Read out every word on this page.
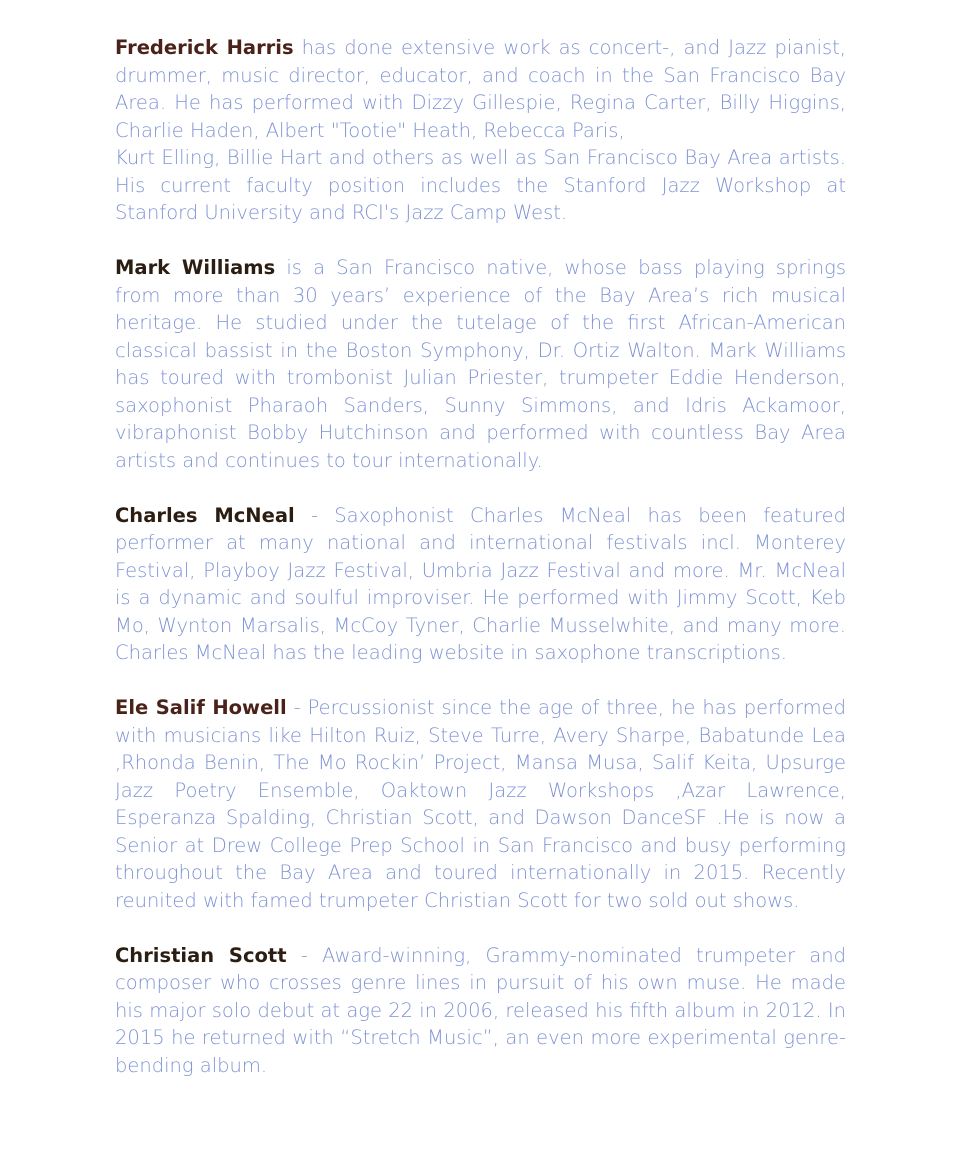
Frederick Harris has done extensive work as concert-, and Jazz pianist, drummer, music director, educator, and coach in the San Francisco Bay Area. He has performed with Dizzy Gillespie, Regina Carter, Billy Higgins, Charlie Haden, Albert "Tootie" Heath, Rebecca Paris,
Kurt Elling, Billie Hart and others as well as San Francisco Bay Area artists. His current faculty position includes the Stanford Jazz Workshop at Stanford University and RCI's Jazz Camp West.

Mark Williams is a San Francisco native, whose bass playing springs from more than 30 years’ experience of the Bay Area’s rich musical heritage. He studied under the tutelage of the first African-American classical bassist in the Boston Symphony, Dr. Ortiz Walton. Mark Williams has toured with trombonist Julian Priester, trumpeter Eddie Henderson, saxophonist Pharaoh Sanders, Sunny Simmons, and Idris Ackamoor, vibraphonist Bobby Hutchinson and performed with countless Bay Area artists and continues to tour internationally.

Charles McNeal - Saxophonist Charles McNeal has been featured performer at many national and international festivals incl. Monterey Festival, Playboy Jazz Festival, Umbria Jazz Festival and more. Mr. McNeal is a dynamic and soulful improviser. He performed with Jimmy Scott, Keb Mo, Wynton Marsalis, McCoy Tyner, Charlie Musselwhite, and many more. Charles McNeal has the leading website in saxophone transcriptions.

Ele Salif Howell - Percussionist since the age of three, he has performed with musicians like Hilton Ruiz, Steve Turre, Avery Sharpe, Babatunde Lea ,Rhonda Benin, The Mo Rockin’ Project, Mansa Musa, Salif Keita, Upsurge Jazz Poetry Ensemble, Oaktown Jazz Workshops ,Azar Lawrence, Esperanza Spalding, Christian Scott, and Dawson DanceSF .He is now a Senior at Drew College Prep School in San Francisco and busy performing throughout the Bay Area and toured internationally in 2015. Recently reunited with famed trumpeter Christian Scott for two sold out shows.

Christian Scott - Award-winning, Grammy-nominated trumpeter and composer who crosses genre lines in pursuit of his own muse. He made his major solo debut at age 22 in 2006, released his fifth album in 2012. In 2015 he returned with “Stretch Music”, an even more experimental genre-bending album.
